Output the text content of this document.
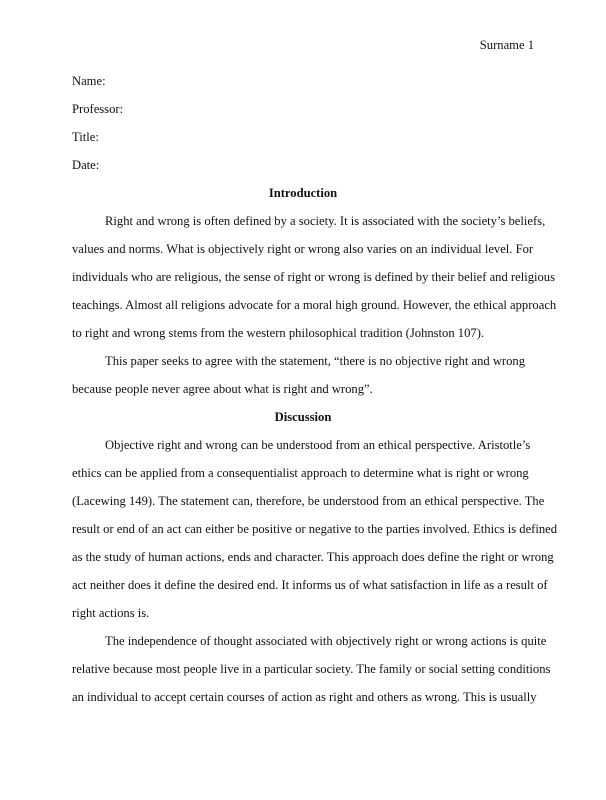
Surname 1
Name:
Professor:
Title:
Date:
Introduction
Right and wrong is often defined by a society. It is associated with the society’s beliefs,
values and norms. What is objectively right or wrong also varies on an individual level. For
individuals who are religious, the sense of right or wrong is defined by their belief and religious
teachings. Almost all religions advocate for a moral high ground. However, the ethical approach
to right and wrong stems from the western philosophical tradition (Johnston 107).
This paper seeks to agree with the statement, “there is no objective right and wrong
because people never agree about what is right and wrong”.
Discussion
Objective right and wrong can be understood from an ethical perspective. Aristotle’s
ethics can be applied from a consequentialist approach to determine what is right or wrong
(Lacewing 149). The statement can, therefore, be understood from an ethical perspective. The
result or end of an act can either be positive or negative to the parties involved. Ethics is defined
as the study of human actions, ends and character. This approach does define the right or wrong
act neither does it define the desired end. It informs us of what satisfaction in life as a result of
right actions is.
The independence of thought associated with objectively right or wrong actions is quite
relative because most people live in a particular society. The family or social setting conditions
an individual to accept certain courses of action as right and others as wrong. This is usually
